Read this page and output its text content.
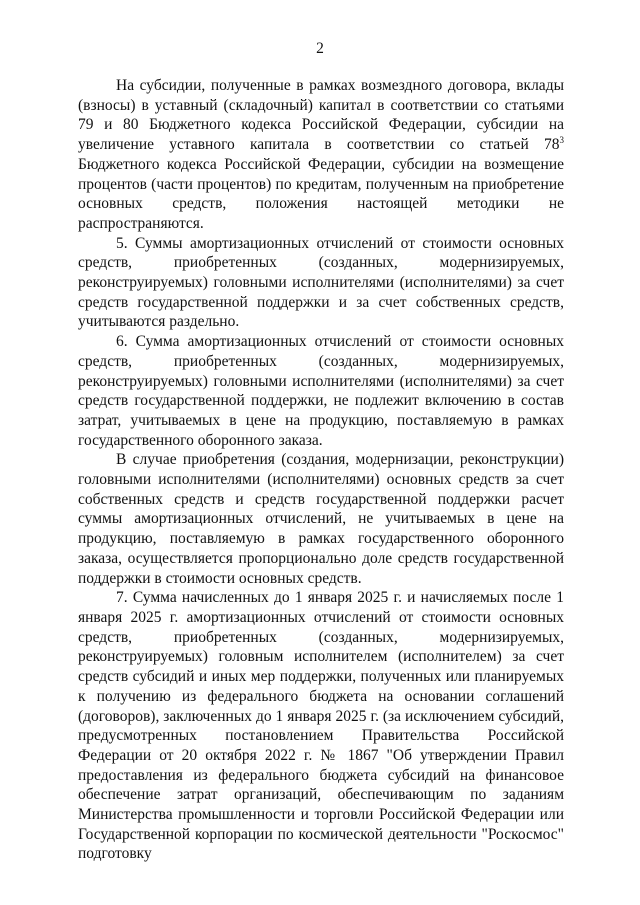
2

На субсидии, полученные в рамках возмездного договора, вклады (взносы) в уставный (складочный) капитал в соответствии со статьями 79 и 80 Бюджетного кодекса Российской Федерации, субсидии на увеличение уставного капитала в соответствии со статьей $78^3$ Бюджетного кодекса Российской Федерации, субсидии на возмещение процентов (части процентов) по кредитам, полученным на приобретение основных средств, положения настоящей методики не распространяются.

5. Суммы амортизационных отчислений от стоимости основных средств, приобретенных (созданных, модернизируемых, реконструируемых) головными исполнителями (исполнителями) за счет средств государственной поддержки и за счет собственных средств, учитываются раздельно.

6. Сумма амортизационных отчислений от стоимости основных средств, приобретенных (созданных, модернизируемых, реконструируемых) головными исполнителями (исполнителями) за счет средств государственной поддержки, не подлежит включению в состав затрат, учитываемых в цене на продукцию, поставляемую в рамках государственного оборонного заказа.

В случае приобретения (создания, модернизации, реконструкции) головными исполнителями (исполнителями) основных средств за счет собственных средств и средств государственной поддержки расчет суммы амортизационных отчислений, не учитываемых в цене на продукцию, поставляемую в рамках государственного оборонного заказа, осуществляется пропорционально доле средств государственной поддержки в стоимости основных средств.

7. Сумма начисленных до 1 января 2025 г. и начисляемых после 1 января 2025 г. амортизационных отчислений от стоимости основных средств, приобретенных (созданных, модернизируемых, реконструируемых) головным исполнителем (исполнителем) за счет средств субсидий и иных мер поддержки, полученных или планируемых к получению из федерального бюджета на основании соглашений (договоров), заключенных до 1 января 2025 г. (за исключением субсидий, предусмотренных постановлением Правительства Российской Федерации от 20 октября 2022 г. № 1867 "Об утверждении Правил предоставления из федерального бюджета субсидий на финансовое обеспечение затрат организаций, обеспечивающим по заданиям Министерства промышленности и торговли Российской Федерации или Государственной корпорации по космической деятельности "Роскосмос" подготовку
